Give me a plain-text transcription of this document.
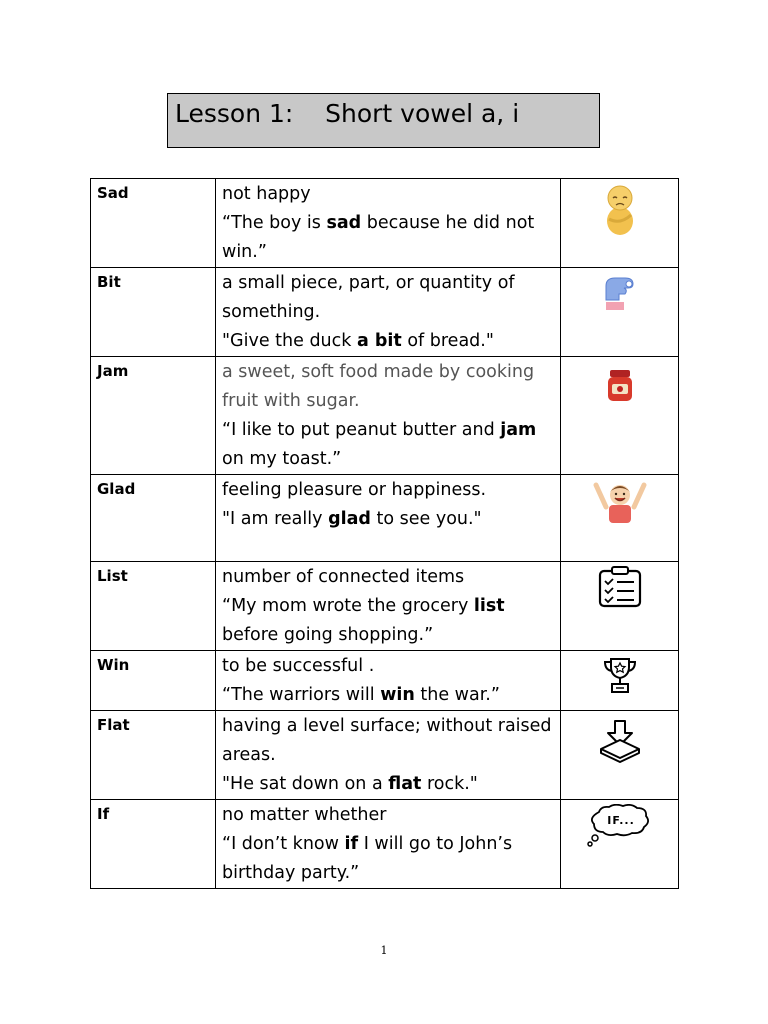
Lesson 1: Short vowel a, i
Sad	not happy
“The boy is sad because he did not win.”

Bit	a small piece, part, or quantity of something.
"Give the duck a bit of bread."

Jam	a sweet, soft food made by cooking fruit with sugar.
“I like to put peanut butter and jam on my toast.”

Glad	feeling pleasure or happiness.
"I am really glad to see you."

List	number of connected items
“My mom wrote the grocery list before going shopping.”

Win	to be successful .
“The warriors will win the war.”

Flat	having a level surface; without raised areas.
"He sat down on a flat rock."

If	no matter whether
“I don’t know if I will go to John’s birthday party.”	IF...
1
